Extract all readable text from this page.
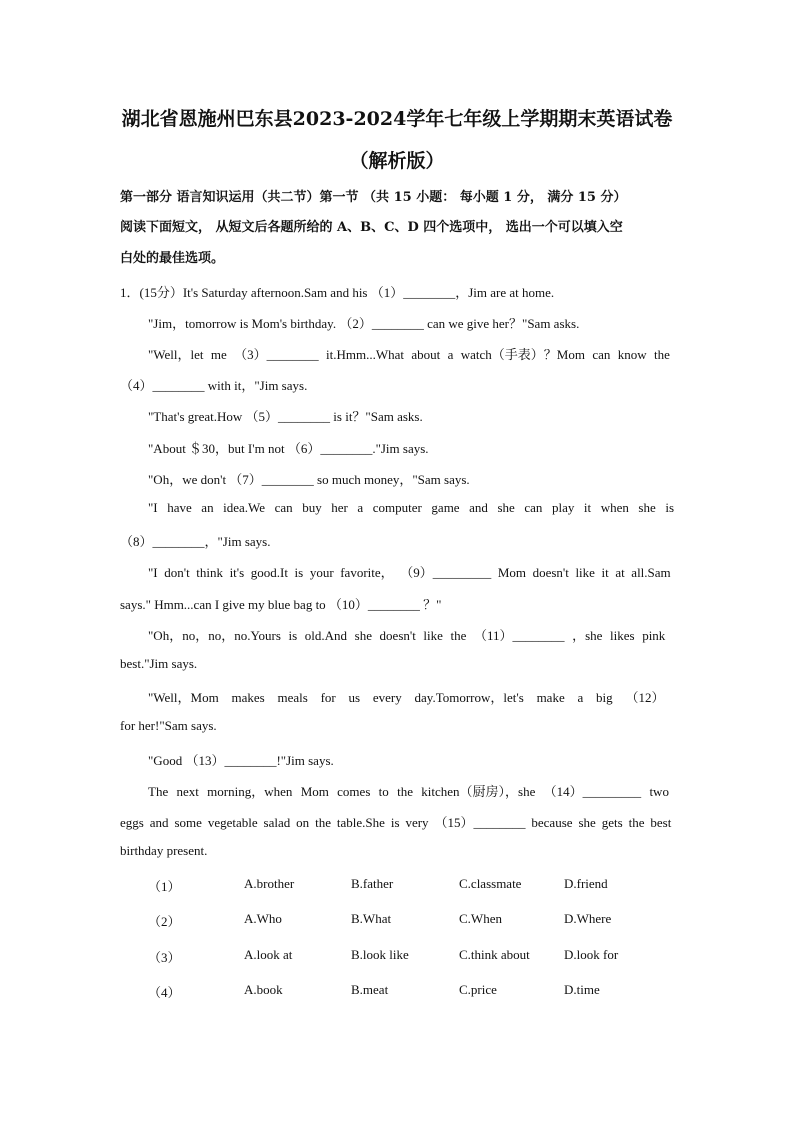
湖北省恩施州巴东县2023-2024学年七年级上学期期末英语试卷
（解析版）
第一部分 语言知识运用（共二节）第一节 （共 15 小题： 每小题 1 分， 满分 15 分）
阅读下面短文， 从短文后各题所给的 A、B、C、D 四个选项中， 选出一个可以填入空
白处的最佳选项。
1．(15分）It's Saturday afternoon.Sam and his （1）________，Jim are at home.
"Jim，tomorrow is Mom's birthday. （2）________ can we give her？"Sam asks.
"Well，let me （3）________ it.Hmm...What about a watch（手表）？Mom can know the
（4）________ with it，"Jim says.
"That's great.How （5）________ is it？"Sam asks.
"About ＄30，but I'm not （6）________."Jim says.
"Oh，we don't （7）________ so much money，"Sam says.
"I have an idea.We can buy her a computer game and she can play it when she is
（8）________，"Jim says.
"I don't think it's good.It is your favorite， （9）_________ Mom doesn't like it at all.Sam
says." Hmm...can I give my blue bag to （10）________ ？"
"Oh，no，no，no.Yours is old.And she doesn't like the （11）________ ，she likes pink
best."Jim says.
"Well，Mom makes meals for us every day.Tomorrow，let's make a big （12）
for her!"Sam says.
"Good （13）________!"Jim says.
The next morning，when Mom comes to the kitchen（厨房），she （14）_________ two
eggs and some vegetable salad on the table.She is very （15）________ because she gets the best
birthday present.
（1）	A.brother	B.father	C.classmate	D.friend
（2）	A.Who	B.What	C.When	D.Where
（3）	A.look at	B.look like	C.think about	D.look for
（4）	A.book	B.meat	C.price	D.time
